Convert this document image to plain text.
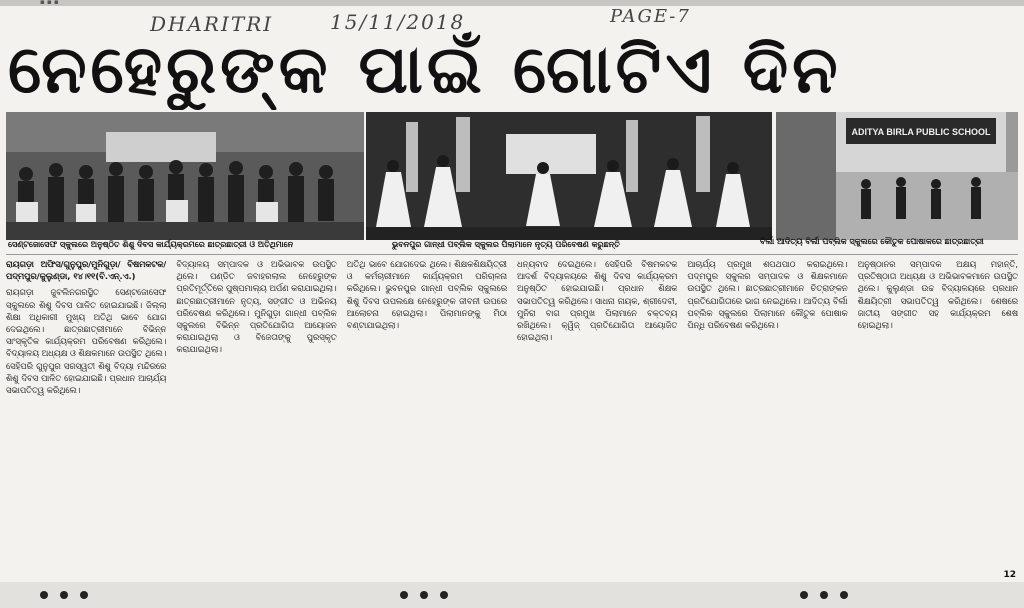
▪ ▪ ▪
DHARITRI	15/11/2018	PAGE-7
ନେହେରୁଙ୍କ ପାଇଁ ଗୋଟିଏ ଦିନ
ADITYA BIRLA PUBLIC SCHOOL
ସେଣ୍ଟଜୋସେଫ ସ୍କୁଲରେ ଅନୁଷ୍ଠିତ ଶିଶୁ ଦିବସ କାର୍ଯ୍ୟକ୍ରମରେ ଛାତ୍ରଛାତ୍ରୀ ଓ ଅତିଥିମାନେ	ଭୁବନପୁର ଗାନ୍ଧୀ ପବ୍ଲିକ ସ୍କୁଲର ପିଲାମାନେ ନୃତ୍ୟ ପରିବେଷଣ କରୁଛନ୍ତି	ବିର୍ଲା ଆଦିତ୍ୟ ବିର୍ଲା ପବ୍ଲିକ ସ୍କୁଲରେ କୌତୁକ ପୋଷାକରେ ଛାତ୍ରଛାତ୍ରୀ
ରାୟଗଡ଼ା ଅଫିସ/ଗୁନୁପୁର/ମୁନିଗୁଡ଼ା/ ବିଷମକଟକ/ପଦ୍ମପୁର/କୁଲୁଣ୍ଡା, ୧୪।୧୧(ବି.ଏନ୍.ଏ.)
ରାୟଗଡ଼ା ଜୁବଲିନଗରସ୍ଥିତ ସେଣ୍ଟଜୋସେଫ ସ୍କୁଲରେ ଶିଶୁ ଦିବସ ପାଳିତ ହୋଇଯାଇଛି। ଜିଲ୍ଲା ଶିକ୍ଷା ଅଧିକାରୀ ମୁଖ୍ୟ ଅତିଥି ଭାବେ ଯୋଗ ଦେଇଥିଲେ। ଛାତ୍ରଛାତ୍ରୀମାନେ ବିଭିନ୍ନ ସାଂସ୍କୃତିକ କାର୍ଯ୍ୟକ୍ରମ ପରିବେଷଣ କରିଥିଲେ। ବିଦ୍ୟାଳୟ ଅଧ୍ୟକ୍ଷ ଓ ଶିକ୍ଷକମାନେ ଉପସ୍ଥିତ ଥିଲେ। ସେହିପରି ଗୁନୁପୁର ସରସ୍ୱତୀ ଶିଶୁ ବିଦ୍ୟା ମନ୍ଦିରରେ ଶିଶୁ ଦିବସ ପାଳିତ ହୋଇଯାଇଛି। ପ୍ରଧାନ ଆଚାର୍ଯ୍ୟ ସଭାପତିତ୍ୱ କରିଥିଲେ।
ବିଦ୍ୟାଳୟ ସମ୍ପାଦକ ଓ ଅଭିଭାବକ ଉପସ୍ଥିତ ଥିଲେ। ପଣ୍ଡିତ ଜବାହରଲାଲ ନେହେରୁଙ୍କ ପ୍ରତିମୂର୍ତ୍ତିରେ ପୁଷ୍ପମାଲ୍ୟ ଅର୍ପଣ କରାଯାଇଥିଲା। ଛାତ୍ରଛାତ୍ରୀମାନେ ନୃତ୍ୟ, ସଙ୍ଗୀତ ଓ ଅଭିନୟ ପରିବେଷଣ କରିଥିଲେ। ମୁନିଗୁଡ଼ା ଗାନ୍ଧୀ ପବ୍ଲିକ ସ୍କୁଲରେ ବିଭିନ୍ନ ପ୍ରତିଯୋଗିତା ଆୟୋଜନ କରାଯାଇଥିଲା ଓ ବିଜେତାଙ୍କୁ ପୁରସ୍କୃତ କରାଯାଇଥିଲା।
ଅତିଥି ଭାବେ ଯୋଗଦେଇ ଥିଲେ। ଶିକ୍ଷକଶିକ୍ଷୟିତ୍ରୀ ଓ କର୍ମଚାରୀମାନେ କାର୍ଯ୍ୟକ୍ରମ ପରିଚାଳନା କରିଥିଲେ। ଭୁବନପୁର ଗାନ୍ଧୀ ପବ୍ଲିକ ସ୍କୁଲରେ ଶିଶୁ ଦିବସ ଉପଲକ୍ଷେ ନେହେରୁଙ୍କ ଜୀବନୀ ଉପରେ ଆଲୋଚନା ହୋଇଥିଲା। ପିଲାମାନଙ୍କୁ ମିଠା ବଣ୍ଟାଯାଇଥିଲା।
ଧନ୍ୟବାଦ ଦେଇଥିଲେ। ସେହିପରି ବିଷମକଟକ ଆଦର୍ଶ ବିଦ୍ୟାଳୟରେ ଶିଶୁ ଦିବସ କାର୍ଯ୍ୟକ୍ରମ ଅନୁଷ୍ଠିତ ହୋଇଯାଇଛି। ପ୍ରଧାନ ଶିକ୍ଷକ ସଭାପତିତ୍ୱ କରିଥିଲେ। ସାଧନା ନାୟକ, ଶ୍ରୀଦେବୀ, ମୁନିରା ବାଗ ପ୍ରମୁଖ ପିଲାମାନେ ବକ୍ତବ୍ୟ ରଖିଥିଲେ। କ୍ୱିଜ୍ ପ୍ରତିଯୋଗିତା ଆୟୋଜିତ ହୋଇଥିଲା।
ଆଚାର୍ଯ୍ୟ ପ୍ରମୁଖ ଶପଥପାଠ କରାଇଥିଲେ। ପଦ୍ମପୁର ସ୍କୁଲର ସମ୍ପାଦକ ଓ ଶିକ୍ଷକମାନେ ଉପସ୍ଥିତ ଥିଲେ। ଛାତ୍ରଛାତ୍ରୀମାନେ ଚିତ୍ରାଙ୍କନ ପ୍ରତିଯୋଗିତାରେ ଭାଗ ନେଇଥିଲେ। ଆଦିତ୍ୟ ବିର୍ଲା ପବ୍ଲିକ ସ୍କୁଲରେ ପିଲାମାନେ କୌତୁକ ପୋଷାକ ପିନ୍ଧି ପରିବେଷଣ କରିଥିଲେ।
ଅନୁଷ୍ଠାନର ସମ୍ପାଦକ ଅକ୍ଷୟ ମହାନ୍ତି, ପ୍ରତିଷ୍ଠାତା ଅଧ୍ୟକ୍ଷ ଓ ଅଭିଭାବକମାନେ ଉପସ୍ଥିତ ଥିଲେ। କୁଲୁଣ୍ଡା ଉଚ୍ଚ ବିଦ୍ୟାଳୟରେ ପ୍ରଧାନ ଶିକ୍ଷୟିତ୍ରୀ ସଭାପତିତ୍ୱ କରିଥିଲେ। ଶେଷରେ ଜାତୀୟ ସଙ୍ଗୀତ ସହ କାର୍ଯ୍ୟକ୍ରମ ଶେଷ ହୋଇଥିଲା।
12
